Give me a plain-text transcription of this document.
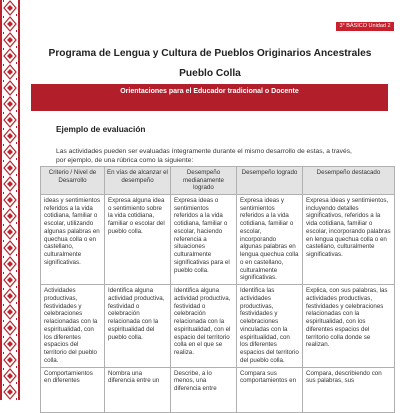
3° BÁSICO Unidad 2
Programa de Lengua y Cultura de Pueblos Originarios Ancestrales
Pueblo Colla
Orientaciones para el Educador tradicional o Docente
Ejemplo de evaluación
Las actividades pueden ser evaluadas íntegramente durante el mismo desarrollo de estas, a través,
por ejemplo, de una rúbrica como la siguiente:
Criterio / Nivel de Desarrollo	En vías de alcanzar el desempeño	Desempeño medianamente logrado	Desempeño logrado	Desempeño destacado
ideas y sentimientos referidos a la vida cotidiana, familiar o escolar, utilizando algunas palabras en quechua colla o en castellano, culturalmente significativas.	Expresa alguna idea o sentimiento sobre la vida cotidiana, familiar o escolar del pueblo colla.	Expresa ideas o sentimientos referidos a la vida cotidiana, familiar o escolar, haciendo referencia a situaciones culturalmente significativas para el pueblo colla.	Expresa ideas y sentimientos referidos a la vida cotidiana, familiar o escolar, incorporando algunas palabras en lengua quechua colla o en castellano, culturalmente significativas.	Expresa ideas y sentimientos, incluyendo detalles significativos, referidos a la vida cotidiana, familiar o escolar, incorporando palabras en lengua quechua colla o en castellano, culturalmente significativas.
Actividades productivas, festividades y celebraciones relacionadas con la espiritualidad, con los diferentes espacios del territorio del pueblo colla.	Identifica alguna actividad productiva, festividad o celebración relacionada con la espiritualidad del pueblo colla.	Identifica alguna actividad productiva, festividad o celebración relacionada con la espiritualidad, con el espacio del territorio colla en el que se realiza.	Identifica las actividades productivas, festividades y celebraciones vinculadas con la espiritualidad, con los diferentes espacios del territorio del pueblo colla.	Explica, con sus palabras, las actividades productivas, festividades y celebraciones relacionadas con la espiritualidad, con los diferentes espacios del territorio colla donde se realizan.
Comportamientos en diferentes	Nombra una diferencia entre un	Describe, a lo menos, una diferencia entre	Compara sus comportamientos en	Compara, describiendo con sus palabras, sus
